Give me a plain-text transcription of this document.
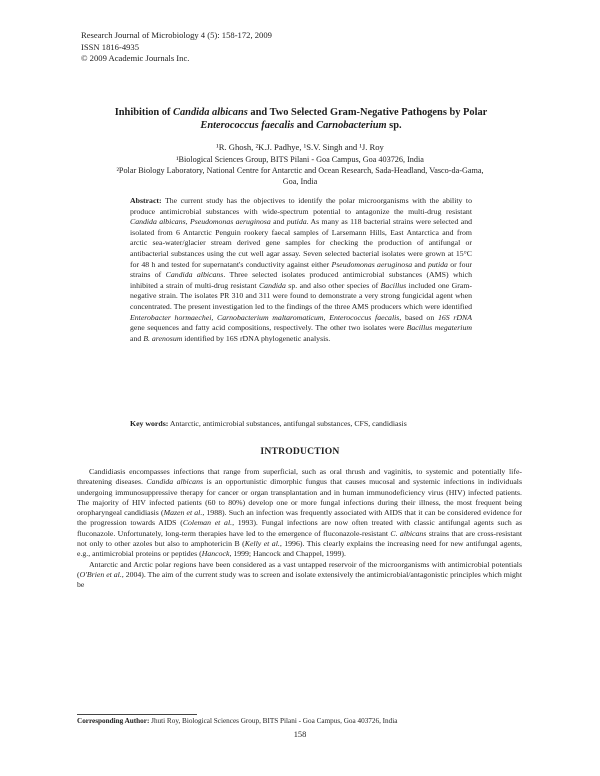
Research Journal of Microbiology 4 (5): 158-172, 2009
ISSN 1816-4935
© 2009 Academic Journals Inc.
Inhibition of Candida albicans and Two Selected Gram-Negative Pathogens by Polar Enterococcus faecalis and Carnobacterium sp.
¹R. Ghosh, ²K.J. Padhye, ¹S.V. Singh and ¹J. Roy
¹Biological Sciences Group, BITS Pilani - Goa Campus, Goa 403726, India
²Polar Biology Laboratory, National Centre for Antarctic and Ocean Research, Sada-Headland, Vasco-da-Gama, Goa, India
Abstract: The current study has the objectives to identify the polar microorganisms with the ability to produce antimicrobial substances with wide-spectrum potential to antagonize the multi-drug resistant Candida albicans, Pseudomonas aeruginosa and putida. As many as 118 bacterial strains were selected and isolated from 6 Antarctic Penguin rookery faecal samples of Larsemann Hills, East Antarctica and from arctic sea-water/glacier stream derived gene samples for checking the production of antifungal or antibacterial substances using the cut well agar assay. Seven selected bacterial isolates were grown at 15°C for 48 h and tested for supernatant's conductivity against either Pseudomonas aeruginosa and putida or four strains of Candida albicans. Three selected isolates produced antimicrobial substances (AMS) which inhibited a strain of multi-drug resistant Candida sp. and also other species of Bacillus included one Gram-negative strain. The isolates PR 310 and 311 were found to demonstrate a very strong fungicidal agent when concentrated. The present investigation led to the findings of the three AMS producers which were identified Enterobacter hormaechei, Carnobacterium maltaromaticum, Enterococcus faecalis, based on 16S rDNA gene sequences and fatty acid compositions, respectively. The other two isolates were Bacillus megaterium and B. arenosum identified by 16S rDNA phylogenetic analysis.
Key words: Antarctic, antimicrobial substances, antifungal substances, CFS, candidiasis
INTRODUCTION

Candidiasis encompasses infections that range from superficial, such as oral thrush and vaginitis, to systemic and potentially life-threatening diseases. Candida albicans is an opportunistic dimorphic fungus that causes mucosal and systemic infections in individuals undergoing immunosuppressive therapy for cancer or organ transplantation and in human immunodeficiency virus (HIV) infected patients. The majority of HIV infected patients (60 to 80%) develop one or more fungal infections during their illness, the most frequent being oropharyngeal candidiasis (Mazen et al., 1988). Such an infection was frequently associated with AIDS that it can be considered evidence for the progression towards AIDS (Coleman et al., 1993). Fungal infections are now often treated with classic antifungal agents such as fluconazole. Unfortunately, long-term therapies have led to the emergence of fluconazole-resistant C. albicans strains that are cross-resistant not only to other azoles but also to amphotericin B (Kelly et al., 1996). This clearly explains the increasing need for new antifungal agents, e.g., antimicrobial proteins or peptides (Hancock, 1999; Hancock and Chappel, 1999).

Antarctic and Arctic polar regions have been considered as a vast untapped reservoir of the microorganisms with antimicrobial potentials (O'Brien et al., 2004). The aim of the current study was to screen and isolate extensively the antimicrobial/antagonistic principles which might be

Corresponding Author: Jhuti Roy, Biological Sciences Group, BITS Pilani - Goa Campus, Goa 403726, India
158
